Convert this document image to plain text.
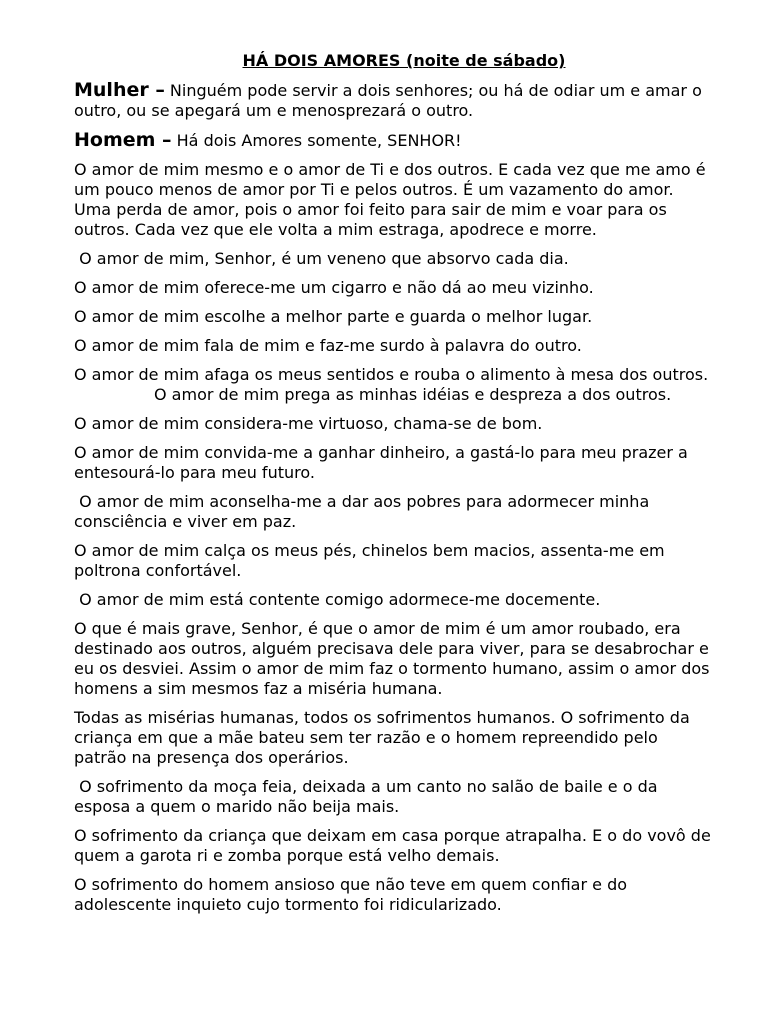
HÁ DOIS AMORES (noite de sábado)
Mulher – Ninguém pode servir a dois senhores; ou há de odiar um e amar o outro, ou se apegará um e menosprezará o outro.
Homem – Há dois Amores somente, SENHOR!
O amor de mim mesmo e o amor de Ti e dos outros. E cada vez que me amo é um pouco menos de amor por Ti e pelos outros. É um vazamento do amor. Uma perda de amor, pois o amor foi feito para sair de mim e voar para os outros. Cada vez que ele volta a mim estraga, apodrece e morre.
O amor de mim, Senhor, é um veneno que absorvo cada dia.
O amor de mim oferece-me um cigarro e não dá ao meu vizinho.
O amor de mim escolhe a melhor parte e guarda o melhor lugar.
O amor de mim fala de mim e faz-me surdo à palavra do outro.
O amor de mim afaga os meus sentidos e rouba o alimento à mesa dos outros.O amor de mim prega as minhas idéias e despreza a dos outros.
O amor de mim considera-me virtuoso, chama-se de bom.
O amor de mim convida-me a ganhar dinheiro, a gastá-lo para meu prazer a entesourá-lo para meu futuro.
O amor de mim aconselha-me a dar aos pobres para adormecer minha consciência e viver em paz.
O amor de mim calça os meus pés, chinelos bem macios, assenta-me em poltrona confortável.
O amor de mim está contente comigo adormece-me docemente.
O que é mais grave, Senhor, é que o amor de mim é um amor roubado, era destinado aos outros, alguém precisava dele para viver, para se desabrochar e eu os desviei. Assim o amor de mim faz o tormento humano, assim o amor dos homens a sim mesmos faz a miséria humana.
Todas as misérias humanas, todos os sofrimentos humanos. O sofrimento da criança em que a mãe bateu sem ter razão e o homem repreendido pelo patrão na presença dos operários.
O sofrimento da moça feia, deixada a um canto no salão de baile e o da esposa a quem o marido não beija mais.
O sofrimento da criança que deixam em casa porque atrapalha. E o do vovô de quem a garota ri e zomba porque está velho demais.
O sofrimento do homem ansioso que não teve em quem confiar e do adolescente inquieto cujo tormento foi ridicularizado.
